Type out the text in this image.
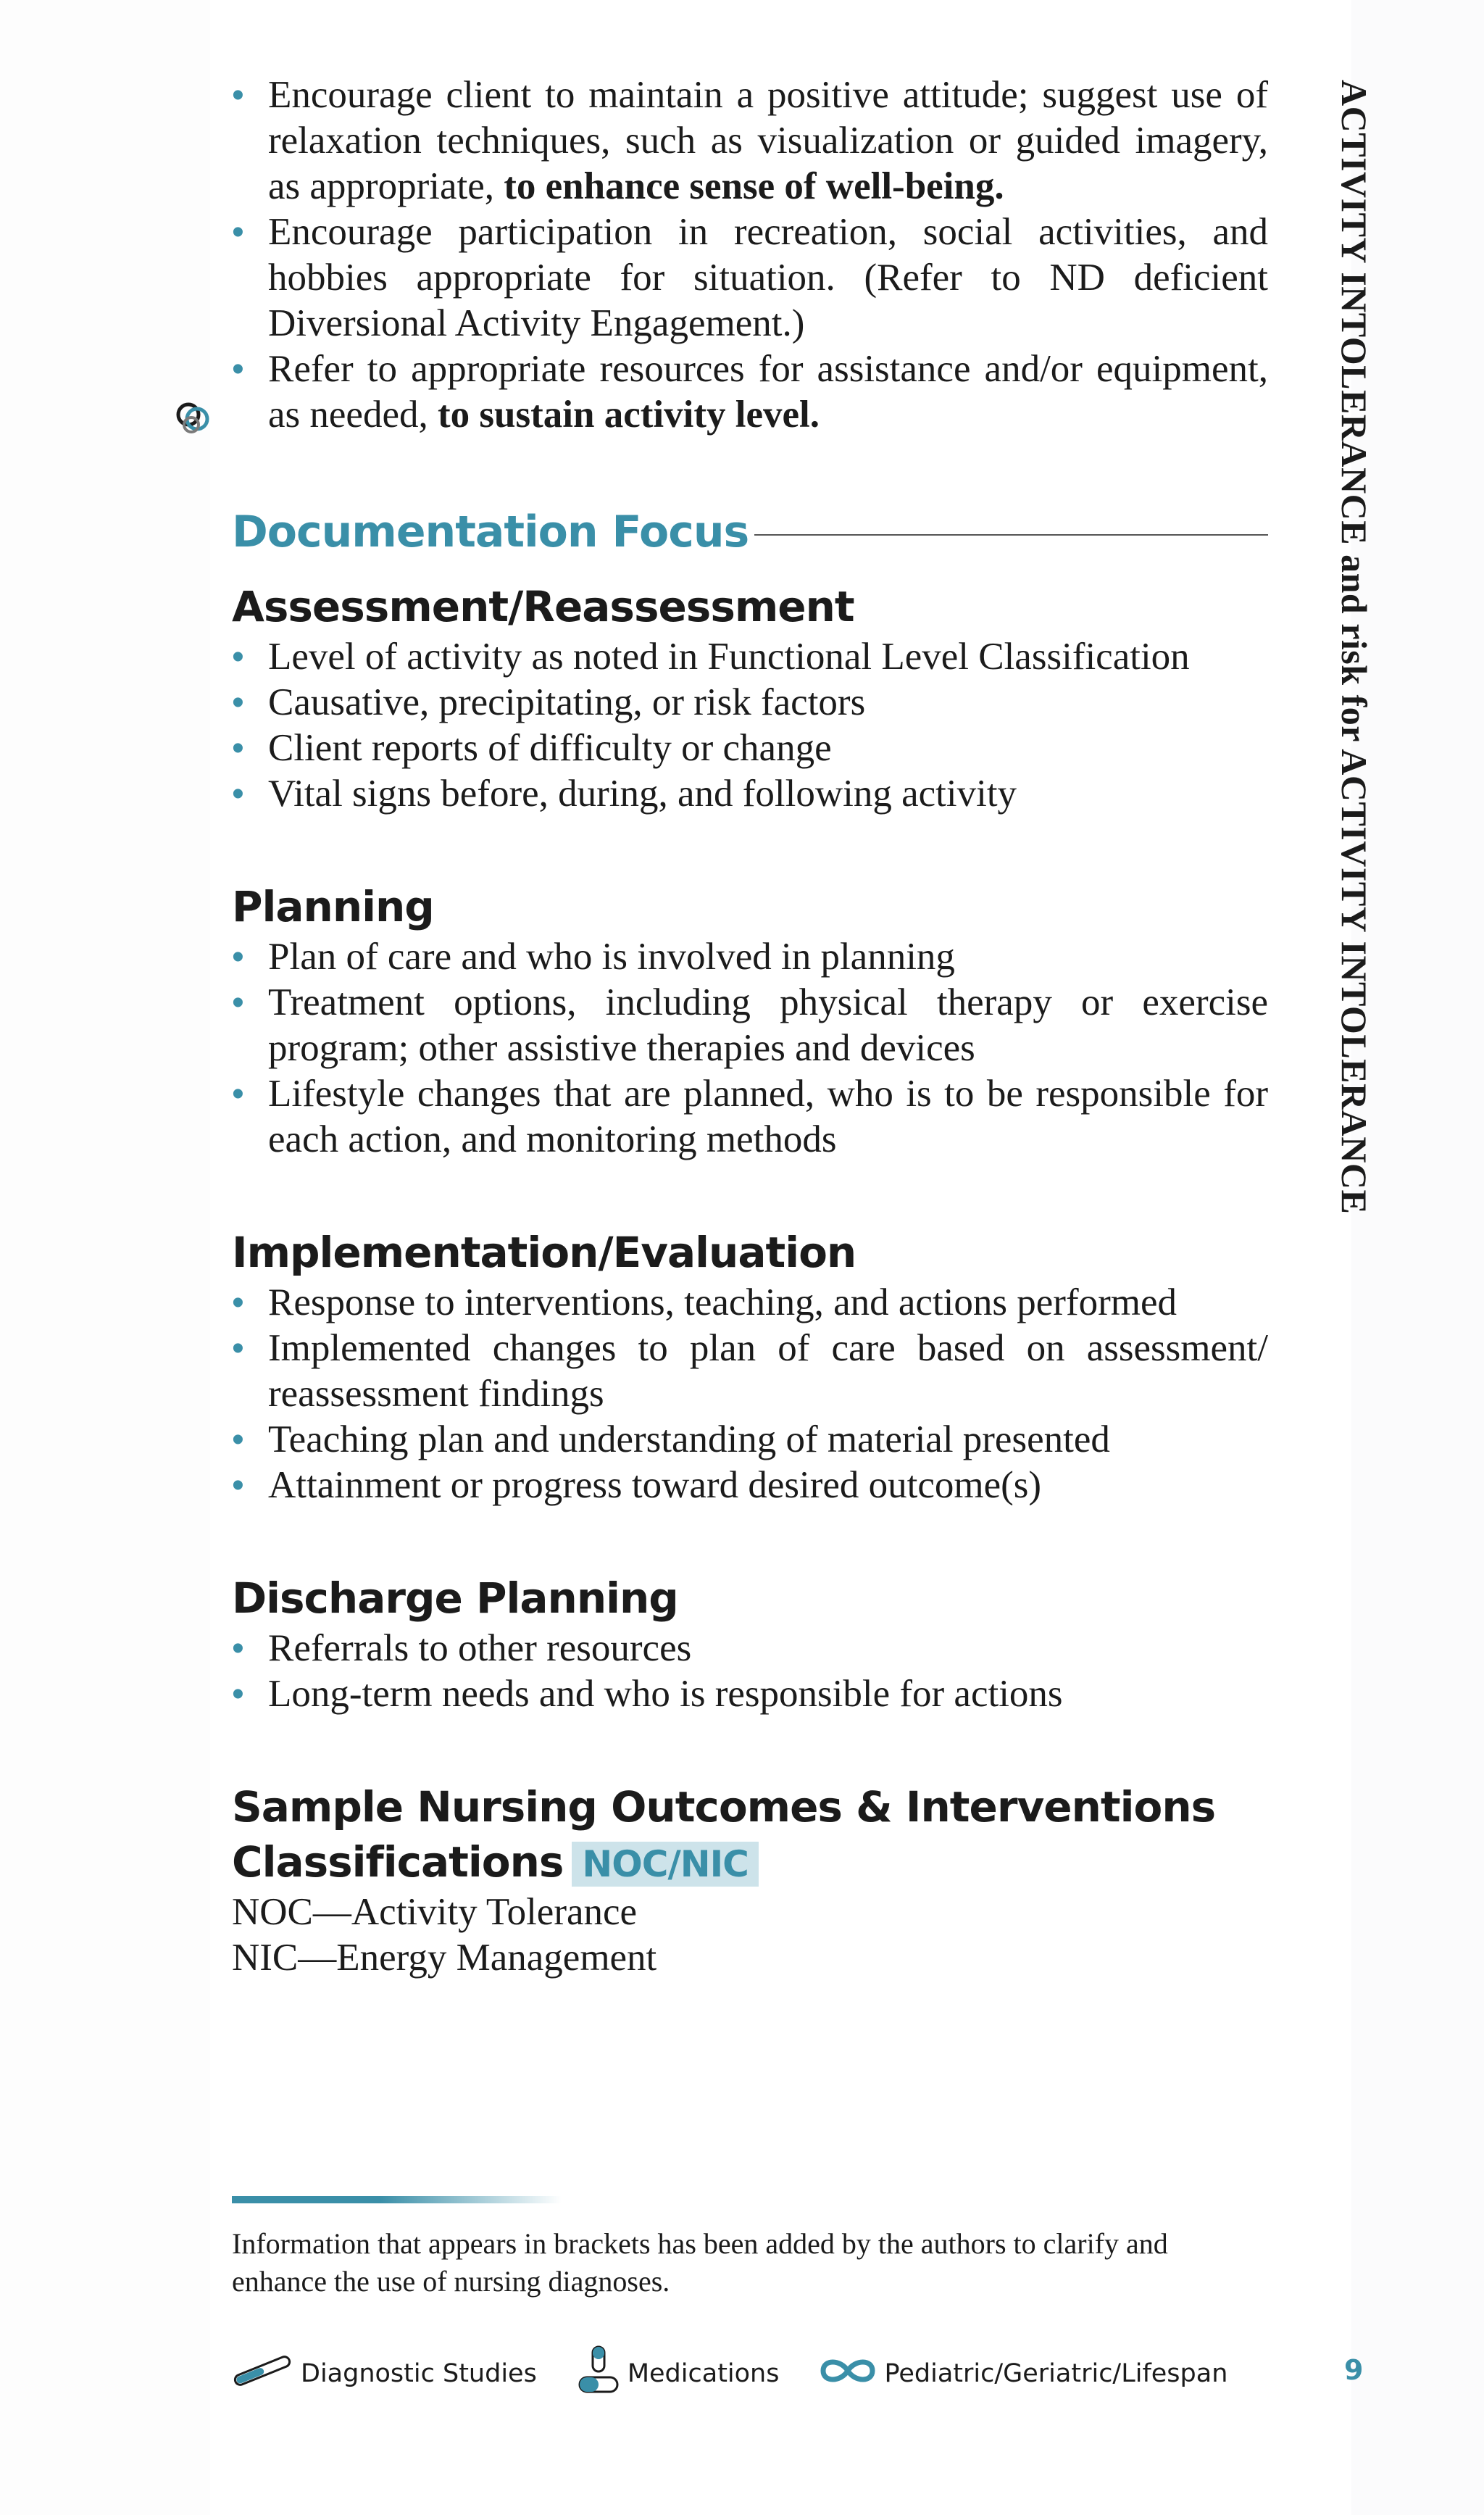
• Encourage client to maintain a positive attitude; suggest use of relaxation techniques, such as visualization or guided imagery, as appropriate, to enhance sense of well-being.
• Encourage participation in recreation, social activities, and hobbies appropriate for situation. (Refer to ND deficient Diversional Activity Engagement.)
• Refer to appropriate resources for assistance and/or equipment, as needed, to sustain activity level.
Documentation Focus
Assessment/Reassessment
• Level of activity as noted in Functional Level Classification
• Causative, precipitating, or risk factors
• Client reports of difficulty or change
• Vital signs before, during, and following activity
Planning
• Plan of care and who is involved in planning
• Treatment options, including physical therapy or exercise program; other assistive therapies and devices
• Lifestyle changes that are planned, who is to be responsible for each action, and monitoring methods
Implementation/Evaluation
• Response to interventions, teaching, and actions performed
• Implemented changes to plan of care based on assessment/ reassessment findings
• Teaching plan and understanding of material presented
• Attainment or progress toward desired outcome(s)
Discharge Planning
• Referrals to other resources
• Long-term needs and who is responsible for actions
Sample Nursing Outcomes & Interventions
Classifications NOC/NIC

NOC—Activity Tolerance

NIC—Energy Management

ACTIVITY INTOLERANCE and risk for ACTIVITY INTOLERANCE

Information that appears in brackets has been added by the authors to clarify and enhance the use of nursing diagnoses.

Diagnostic Studies	Medications	Pediatric/Geriatric/Lifespan	9
